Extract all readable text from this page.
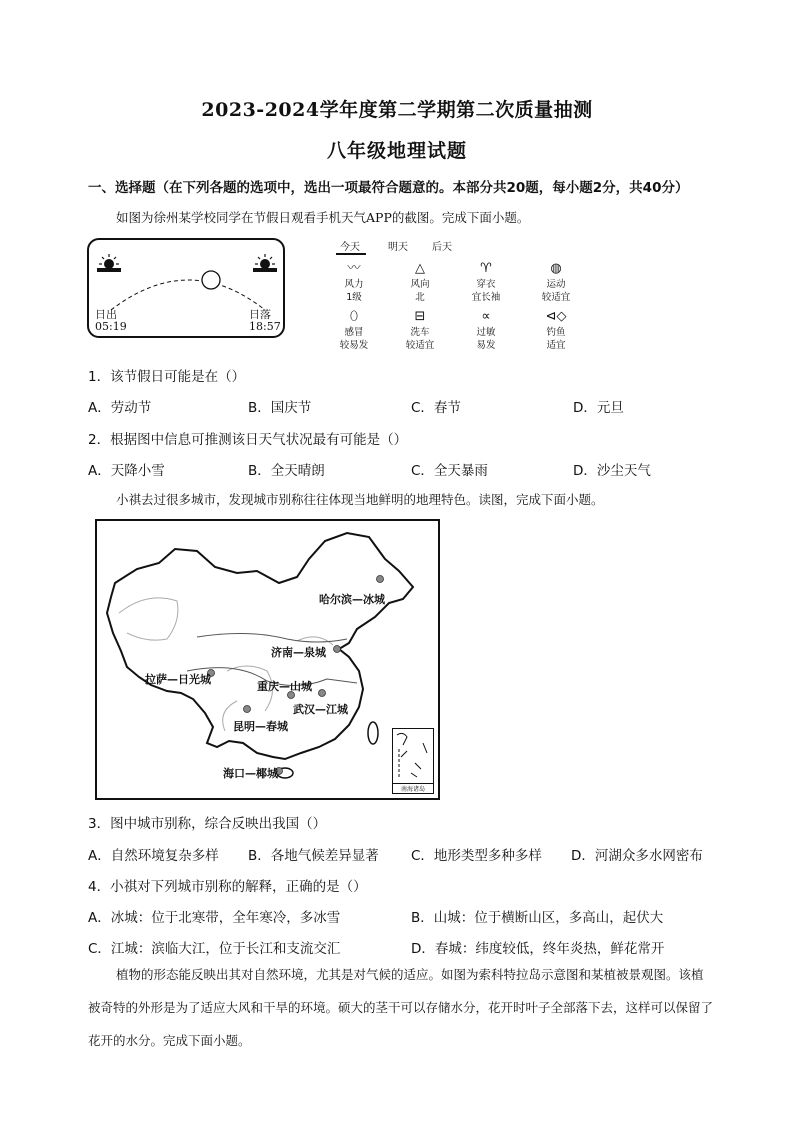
2023-2024学年度第二学期第二次质量抽测
八年级地理试题
一、选择题（在下列各题的选项中，选出一项最符合题意的。本部分共20题，每小题2分，共40分）
如图为徐州某学校同学在节假日观看手机天气APP的截图。完成下面小题。
日出
05:19
日落
18:57
今天	明天 后天
〰
风力
1级
△
风向
北
♈
穿衣
宜长袖
◍
运动
较适宜
⬯
感冒
较易发
⊟
洗车
较适宜
∝
过敏
易发
⊲◇
钓鱼
适宜
1．该节假日可能是在（）
A．劳动节	B．国庆节	C．春节	D．元旦
2．根据图中信息可推测该日天气状况最有可能是（）
A．天降小雪	B．全天晴朗	C．全天暴雨	D．沙尘天气
小祺去过很多城市，发现城市别称往往体现当地鲜明的地理特色。读图，完成下面小题。
哈尔滨—冰城
济南—泉城
拉萨—日光城
重庆—山城
武汉—江城
昆明—春城
海口—椰城
南海诸岛
3．图中城市别称，综合反映出我国（）
A．自然环境复杂多样 B．各地气候差异显著 C．地形类型多种多样 D．河湖众多水网密布
4．小祺对下列城市别称的解释，正确的是（）
A．冰城：位于北寒带，全年寒冷，多冰雪	B．山城：位于横断山区，多高山，起伏大
C．江城：滨临大江，位于长江和支流交汇	D．春城：纬度较低，终年炎热，鲜花常开
植物的形态能反映出其对自然环境，尤其是对气候的适应。如图为索科特拉岛示意图和某植被景观图。该植被奇特的外形是为了适应大风和干旱的环境。硕大的茎干可以存储水分，花开时叶子全部落下去，这样可以保留了花开的水分。完成下面小题。
